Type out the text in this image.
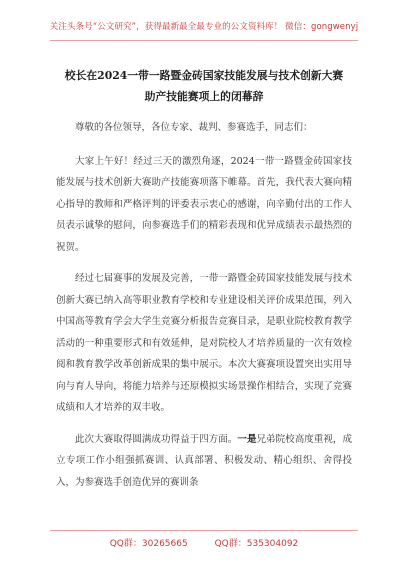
关注头条号“公文研究”，获得最新最全最专业的公文资料库！ 微信：gongwenyj
校长在2024一带一路暨金砖国家技能发展与技术创新大赛
助产技能赛项上的闭幕辞

尊敬的各位领导，各位专家、裁判、参赛选手，同志们：

大家上午好！经过三天的激烈角逐，2024一带一路暨金砖国家技能发展与技术创新大赛助产技能赛项落下帷幕。首先，我代表大赛向精心指导的教师和严格评判的评委表示衷心的感谢，向辛勤付出的工作人员表示诚挚的慰问，向参赛选手们的精彩表现和优异成绩表示最热烈的祝贺。

经过七届赛事的发展及完善，一带一路暨金砖国家技能发展与技术创新大赛已纳入高等职业教育学校和专业建设相关评价成果范围，列入中国高等教育学会大学生竞赛分析报告竞赛目录，是职业院校教育教学活动的一种重要形式和有效延伸，是对院校人才培养质量的一次有效检阅和教育教学改革创新成果的集中展示。本次大赛赛项设置突出实用导向与育人导向，将能力培养与还原模拟实场景操作相结合，实现了竞赛成绩和人才培养的双丰收。

此次大赛取得圆满成功得益于四方面。一是兄弟院校高度重视，成立专项工作小组强抓赛训、认真部署、积极发动、精心组织、舍得投入，为参赛选手创造优异的赛训条

QQ群：30265665	QQ群：535304092
